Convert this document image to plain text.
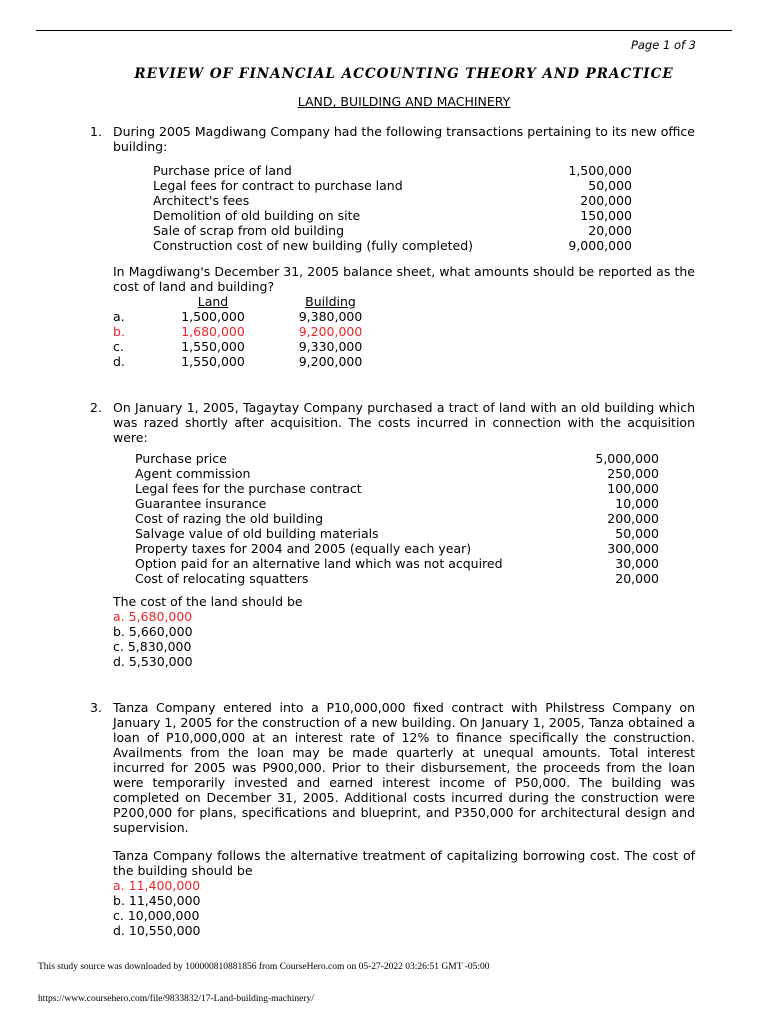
Page 1 of 3
REVIEW OF FINANCIAL ACCOUNTING THEORY AND PRACTICE
LAND, BUILDING AND MACHINERY
1. During 2005 Magdiwang Company had the following transactions pertaining to its new office building:
Purchase price of land	1,500,000
Legal fees for contract to purchase land	50,000
Architect's fees	200,000
Demolition of old building on site	150,000
Sale of scrap from old building	20,000
Construction cost of new building (fully completed)	9,000,000
In Magdiwang's December 31, 2005 balance sheet, what amounts should be reported as the cost of land and building?
Land	Building
a.	1,500,000	9,380,000
b.	1,680,000	9,200,000
c.	1,550,000	9,330,000
d.	1,550,000	9,200,000
2. On January 1, 2005, Tagaytay Company purchased a tract of land with an old building which was razed shortly after acquisition. The costs incurred in connection with the acquisition were:
Purchase price	5,000,000
Agent commission	250,000
Legal fees for the purchase contract	100,000
Guarantee insurance	10,000
Cost of razing the old building	200,000
Salvage value of old building materials	50,000
Property taxes for 2004 and 2005 (equally each year)	300,000
Option paid for an alternative land which was not acquired	30,000
Cost of relocating squatters	20,000
The cost of the land should be
a. 5,680,000
b. 5,660,000
c. 5,830,000
d. 5,530,000
3. Tanza Company entered into a P10,000,000 fixed contract with Philstress Company on January 1, 2005 for the construction of a new building. On January 1, 2005, Tanza obtained a loan of P10,000,000 at an interest rate of 12% to finance specifically the construction. Availments from the loan may be made quarterly at unequal amounts. Total interest incurred for 2005 was P900,000. Prior to their disbursement, the proceeds from the loan were temporarily invested and earned interest income of P50,000. The building was completed on December 31, 2005. Additional costs incurred during the construction were P200,000 for plans, specifications and blueprint, and P350,000 for architectural design and supervision.
Tanza Company follows the alternative treatment of capitalizing borrowing cost. The cost of the building should be
a. 11,400,000
b. 11,450,000
c. 10,000,000
d. 10,550,000
This study source was downloaded by 100000810881856 from CourseHero.com on 05-27-2022 03:26:51 GMT -05:00
https://www.coursehero.com/file/9833832/17-Land-building-machinery/
